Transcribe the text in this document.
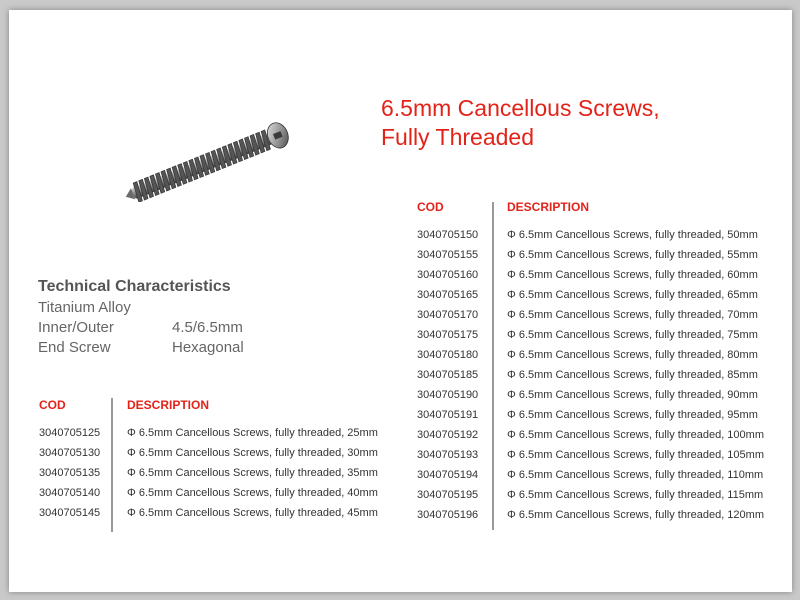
6.5mm Cancellous Screws,
Fully Threaded
Technical Characteristics
Titanium Alloy
Inner/Outer	4.5/6.5mm
End Screw	Hexagonal
COD	DESCRIPTION
3040705125 Φ 6.5mm Cancellous Screws, fully threaded, 25mm
3040705130 Φ 6.5mm Cancellous Screws, fully threaded, 30mm
3040705135 Φ 6.5mm Cancellous Screws, fully threaded, 35mm
3040705140 Φ 6.5mm Cancellous Screws, fully threaded, 40mm
3040705145 Φ 6.5mm Cancellous Screws, fully threaded, 45mm
COD	DESCRIPTION
3040705150	Φ 6.5mm Cancellous Screws, fully threaded, 50mm
3040705155	Φ 6.5mm Cancellous Screws, fully threaded, 55mm
3040705160	Φ 6.5mm Cancellous Screws, fully threaded, 60mm
3040705165	Φ 6.5mm Cancellous Screws, fully threaded, 65mm
3040705170	Φ 6.5mm Cancellous Screws, fully threaded, 70mm
3040705175	Φ 6.5mm Cancellous Screws, fully threaded, 75mm
3040705180	Φ 6.5mm Cancellous Screws, fully threaded, 80mm
3040705185	Φ 6.5mm Cancellous Screws, fully threaded, 85mm
3040705190	Φ 6.5mm Cancellous Screws, fully threaded, 90mm
3040705191	Φ 6.5mm Cancellous Screws, fully threaded, 95mm
3040705192	Φ 6.5mm Cancellous Screws, fully threaded, 100mm
3040705193	Φ 6.5mm Cancellous Screws, fully threaded, 105mm
3040705194	Φ 6.5mm Cancellous Screws, fully threaded, 110mm
3040705195	Φ 6.5mm Cancellous Screws, fully threaded, 115mm
3040705196	Φ 6.5mm Cancellous Screws, fully threaded, 120mm
